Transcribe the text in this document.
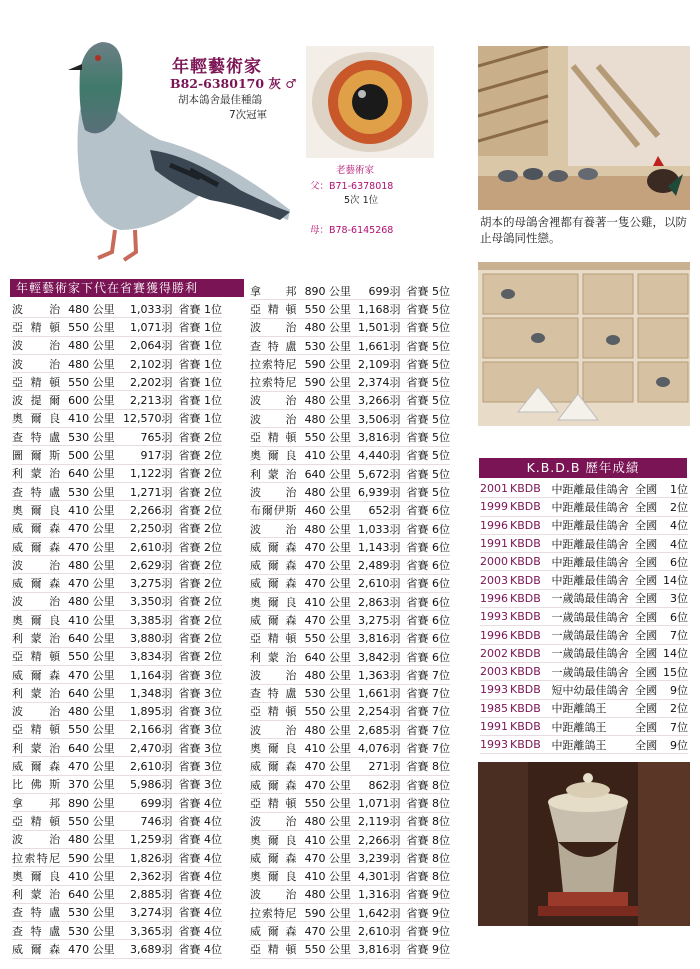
年輕藝術家
B82-6380170 灰 ♂
胡本鴿舍最佳種鴿
7次冠軍
老藝術家
父：B71-6378018
5次 1位
母：B78-6145268
胡本的母鴿舍裡都有養著一隻公雞，以防止母鴿同性戀。
年輕藝術家下代在省賽獲得勝利
波　治	480 公里	1,033羽	省賽 1位
亞精頓	550 公里	1,071羽	省賽 1位
波　治	480 公里	2,064羽	省賽 1位
波　治	480 公里	2,102羽	省賽 1位
亞精頓	550 公里	2,202羽	省賽 1位
波提爾	600 公里	2,213羽	省賽 1位
奧爾良	410 公里	12,570羽	省賽 1位
查特盧	530 公里	765羽	省賽 2位
圖爾斯	500 公里	917羽	省賽 2位
利蒙治	640 公里	1,122羽	省賽 2位
查特盧	530 公里	1,271羽	省賽 2位
奧爾良	410 公里	2,266羽	省賽 2位
威爾森	470 公里	2,250羽	省賽 2位
威爾森	470 公里	2,610羽	省賽 2位
波　治	480 公里	2,629羽	省賽 2位
威爾森	470 公里	3,275羽	省賽 2位
波　治	480 公里	3,350羽	省賽 2位
奧爾良	410 公里	3,385羽	省賽 2位
利蒙治	640 公里	3,880羽	省賽 2位
亞精頓	550 公里	3,834羽	省賽 2位
威爾森	470 公里	1,164羽	省賽 3位
利蒙治	640 公里	1,348羽	省賽 3位
波　治	480 公里	1,895羽	省賽 3位
亞精頓	550 公里	2,166羽	省賽 3位
利蒙治	640 公里	2,470羽	省賽 3位
威爾森	470 公里	2,610羽	省賽 3位
比佛斯	370 公里	5,986羽	省賽 3位
拿　邦	890 公里	699羽	省賽 4位
亞精頓	550 公里	746羽	省賽 4位
波　治	480 公里	1,259羽	省賽 4位
拉索特尼	590 公里	1,826羽	省賽 4位
奧爾良	410 公里	2,362羽	省賽 4位
利蒙治	640 公里	2,885羽	省賽 4位
查特盧	530 公里	3,274羽	省賽 4位
查特盧	530 公里	3,365羽	省賽 4位
威爾森	470 公里	3,689羽	省賽 4位
拿　邦	890 公里	699羽	省賽 5位
亞精頓	550 公里	1,168羽	省賽 5位
波　治	480 公里	1,501羽	省賽 5位
查特盧	530 公里	1,661羽	省賽 5位
拉索特尼	590 公里	2,109羽	省賽 5位
拉索特尼	590 公里	2,374羽	省賽 5位
波　治	480 公里	3,266羽	省賽 5位
波　治	480 公里	3,506羽	省賽 5位
亞精頓	550 公里	3,816羽	省賽 5位
奧爾良	410 公里	4,440羽	省賽 5位
利蒙治	640 公里	5,672羽	省賽 5位
波　治	480 公里	6,939羽	省賽 5位
布爾伊斯	460 公里	652羽	省賽 6位
波　治	480 公里	1,033羽	省賽 6位
威爾森	470 公里	1,143羽	省賽 6位
威爾森	470 公里	2,489羽	省賽 6位
威爾森	470 公里	2,610羽	省賽 6位
奧爾良	410 公里	2,863羽	省賽 6位
威爾森	470 公里	3,275羽	省賽 6位
亞精頓	550 公里	3,816羽	省賽 6位
利蒙治	640 公里	3,842羽	省賽 6位
波　治	480 公里	1,363羽	省賽 7位
查特盧	530 公里	1,661羽	省賽 7位
亞精頓	550 公里	2,254羽	省賽 7位
波　治	480 公里	2,685羽	省賽 7位
奧爾良	410 公里	4,076羽	省賽 7位
威爾森	470 公里	271羽	省賽 8位
威爾森	470 公里	862羽	省賽 8位
亞精頓	550 公里	1,071羽	省賽 8位
波　治	480 公里	2,119羽	省賽 8位
奧爾良	410 公里	2,266羽	省賽 8位
威爾森	470 公里	3,239羽	省賽 8位
奧爾良	410 公里	4,301羽	省賽 8位
波　治	480 公里	1,316羽	省賽 9位
拉索特尼	590 公里	1,642羽	省賽 9位
威爾森	470 公里	2,610羽	省賽 9位
亞精頓	550 公里	3,816羽	省賽 9位
K.B.D.B 歷年成績
2001	KBDB	中距離最佳鴿舍	全國	1位
1999	KBDB	中距離最佳鴿舍	全國	2位
1996	KBDB	中距離最佳鴿舍	全國	4位
1991	KBDB	中距離最佳鴿舍	全國	4位
2000	KBDB	中距離最佳鴿舍	全國	6位
2003	KBDB	中距離最佳鴿舍	全國	14位
1996	KBDB	一歲鴿最佳鴿舍	全國	3位
1993	KBDB	一歲鴿最佳鴿舍	全國	6位
1996	KBDB	一歲鴿最佳鴿舍	全國	7位
2002	KBDB	一歲鴿最佳鴿舍	全國	14位
2003	KBDB	一歲鴿最佳鴿舍	全國	15位
1993	KBDB	短中幼最佳鴿舍	全國	9位
1985	KBDB	中距離鴿王	全國	2位
1991	KBDB	中距離鴿王	全國	7位
1993	KBDB	中距離鴿王	全國	9位
